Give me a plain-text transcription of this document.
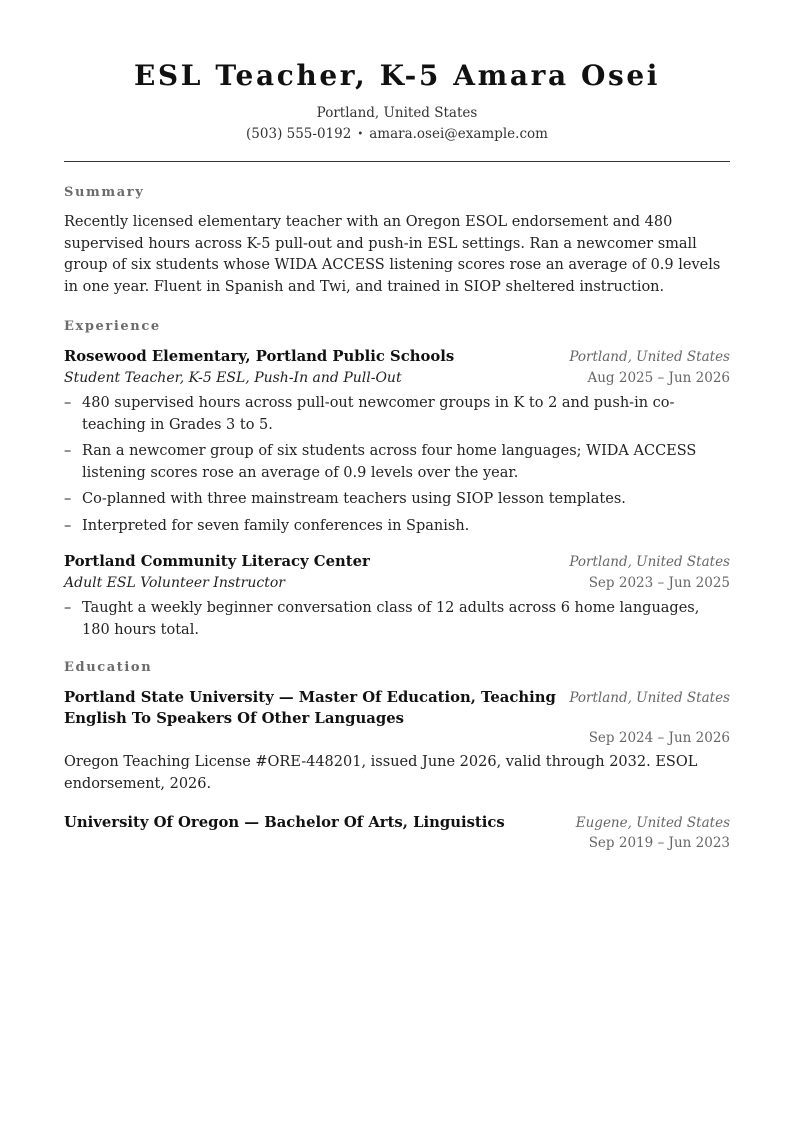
ESL Teacher, K-5 Amara Osei
Portland, United States
(503) 555-0192 • amara.osei@example.com
Summary
Recently licensed elementary teacher with an Oregon ESOL endorsement and 480 supervised hours across K-5 pull-out and push-in ESL settings. Ran a newcomer small group of six students whose WIDA ACCESS listening scores rose an average of 0.9 levels in one year. Fluent in Spanish and Twi, and trained in SIOP sheltered instruction.
Experience
Rosewood Elementary, Portland Public Schools	Portland, United States
Student Teacher, K-5 ESL, Push-In and Pull-Out	Aug 2025 – Jun 2026
– 480 supervised hours across pull-out newcomer groups in K to 2 and push-in co-teaching in Grades 3 to 5.
– Ran a newcomer group of six students across four home languages; WIDA ACCESS listening scores rose an average of 0.9 levels over the year.
– Co-planned with three mainstream teachers using SIOP lesson templates.
– Interpreted for seven family conferences in Spanish.
Portland Community Literacy Center	Portland, United States
Adult ESL Volunteer Instructor	Sep 2023 – Jun 2025
– Taught a weekly beginner conversation class of 12 adults across 6 home languages, 180 hours total.
Education
Portland State University — Master Of Education, Teaching English To Speakers Of Other Languages
Portland, United States
Sep 2024 – Jun 2026
Oregon Teaching License #ORE-448201, issued June 2026, valid through 2032. ESOL endorsement, 2026.
University Of Oregon — Bachelor Of Arts, Linguistics	Eugene, United States
Sep 2019 – Jun 2023
